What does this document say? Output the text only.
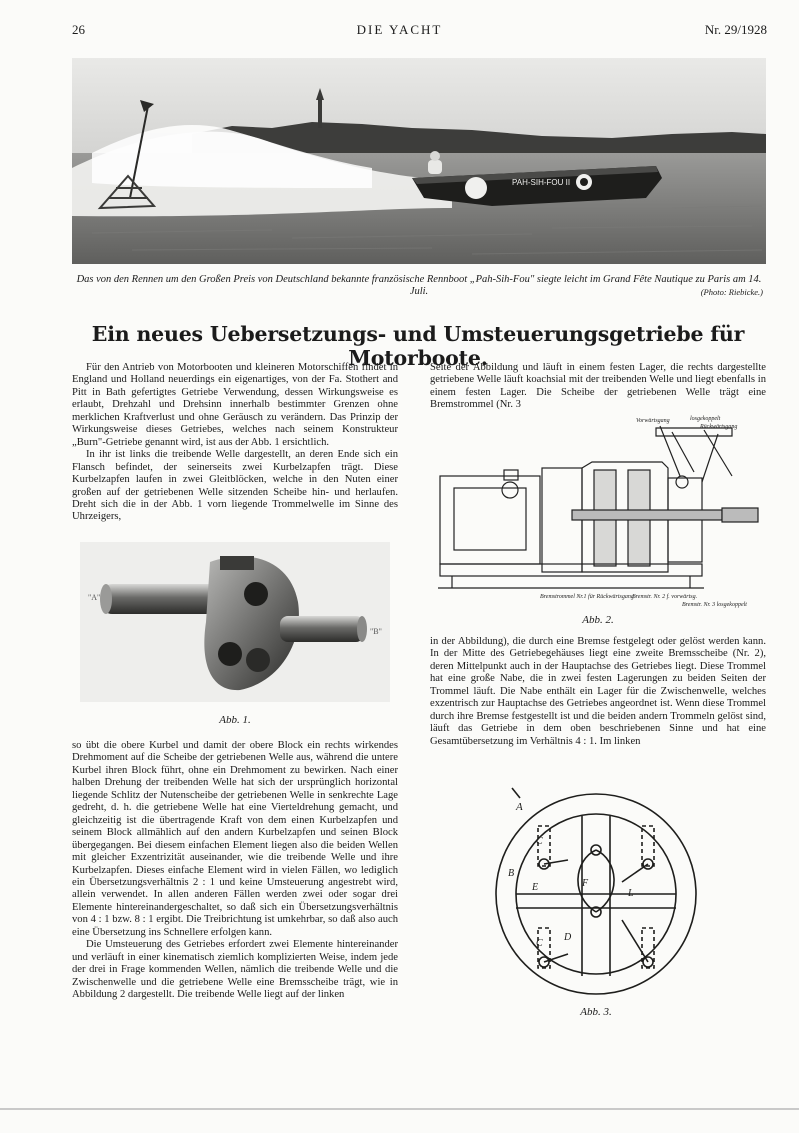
26	DIE YACHT	Nr. 29/1928
PAH-SIH-FOU II
Das von den Rennen um den Großen Preis von Deutschland bekannte französische Rennboot „Pah-Sih-Fou" siegte leicht im Grand Fête Nautique zu Paris am 14. Juli.	(Photo: Riebicke.)
Ein neues Uebersetzungs- und Umsteuerungsgetriebe für Motorboote.

Für den Antrieb von Motorbooten und kleineren Motorschiffen findet in England und Holland neuerdings ein eigenartiges, von der Fa. Stothert and Pitt in Bath gefertigtes Getriebe Verwendung, dessen Wirkungsweise es erlaubt, Drehzahl und Drehsinn innerhalb bestimmter Grenzen ohne merklichen Kraftverlust und ohne Geräusch zu verändern. Das Prinzip der Wirkungsweise dieses Getriebes, welches nach seinem Konstrukteur „Burn"-Getriebe genannt wird, ist aus der Abb. 1 ersichtlich.

In ihr ist links die treibende Welle dargestellt, an deren Ende sich ein Flansch befindet, der seinerseits zwei Kurbelzapfen trägt. Diese Kurbelzapfen laufen in zwei Gleitblöcken, welche in den Nuten einer großen auf der getriebenen Welle sitzenden Scheibe hin- und herlaufen. Dreht sich die in der Abb. 1 vorn liegende Trommelwelle im Sinne des Uhrzeigers,

"A"
"B"
Abb. 1.

so übt die obere Kurbel und damit der obere Block ein rechts wirkendes Drehmoment auf die Scheibe der getriebenen Welle aus, während die untere Kurbel ihren Block führt, ohne ein Drehmoment zu bewirken. Nach einer halben Drehung der treibenden Welle hat sich der ursprünglich horizontal liegende Schlitz der Nutenscheibe der getriebenen Welle in senkrechte Lage gedreht, d. h. die getriebene Welle hat eine Vierteldrehung gemacht, und gleichzeitig ist die übertragende Kraft von dem einen Kurbelzapfen und seinem Block allmählich auf den andern Kurbelzapfen und seinen Block übergegangen. Bei diesem einfachen Element liegen also die beiden Wellen mit gleicher Exzentrizität auseinander, wie die treibende Welle und ihre Kurbelzapfen. Dieses einfache Element wird in vielen Fällen, wo lediglich ein Übersetzungsverhältnis 2 : 1 und keine Umsteuerung angestrebt wird, allein verwendet. In allen anderen Fällen werden zwei oder sogar drei Elemente hintereinandergeschaltet, so daß sich ein Übersetzungsverhältnis von 4 : 1 bzw. 8 : 1 ergibt. Die Treibrichtung ist umkehrbar, so daß also auch eine Übersetzung ins Schnellere erfolgen kann.

Die Umsteuerung des Getriebes erfordert zwei Elemente hintereinander und verläuft in einer kinematisch ziemlich komplizierten Weise, indem jede der drei in Frage kommenden Wellen, nämlich die treibende Welle und die Zwischenwelle und die getriebene Welle eine Bremsscheibe trägt, wie in Abbildung 2 dargestellt. Die treibende Welle liegt auf der linken

Seite der Abbildung und läuft in einem festen Lager, die rechts dargestellte getriebene Welle läuft koachsial mit der treibenden Welle und liegt ebenfalls in einem festen Lager. Die Scheibe der getriebenen Welle trägt eine Bremstrommel (Nr. 3

Vorwärtsgang	losgekoppelt
Rückwärtsgang
Bremstrommel Nr.1 für Rückwärtsgang
Bremstr. Nr. 2 f. vorwärtsg.
Bremstr. Nr. 3 losgekoppelt
Abb. 2.

in der Abbildung), die durch eine Bremse festgelegt oder gelöst werden kann. In der Mitte des Getriebegehäuses liegt eine zweite Bremsscheibe (Nr. 2), deren Mittelpunkt auch in der Hauptachse des Getriebes liegt. Diese Trommel hat eine große Nabe, die in zwei festen Lagerungen zu beiden Seiten der Trommel läuft. Die Nabe enthält ein Lager für die Zwischenwelle, welches exzentrisch zur Hauptachse des Getriebes angeordnet ist. Wenn diese Trommel durch ihre Bremse festgestellt ist und die beiden andern Trommeln gelöst sind, läuft das Getriebe in dem oben beschriebenen Sinne und hat eine Gesamtübersetzung im Verhältnis 4 : 1. Im linken

A
B
C
C
D
E	F
L
Abb. 3.
